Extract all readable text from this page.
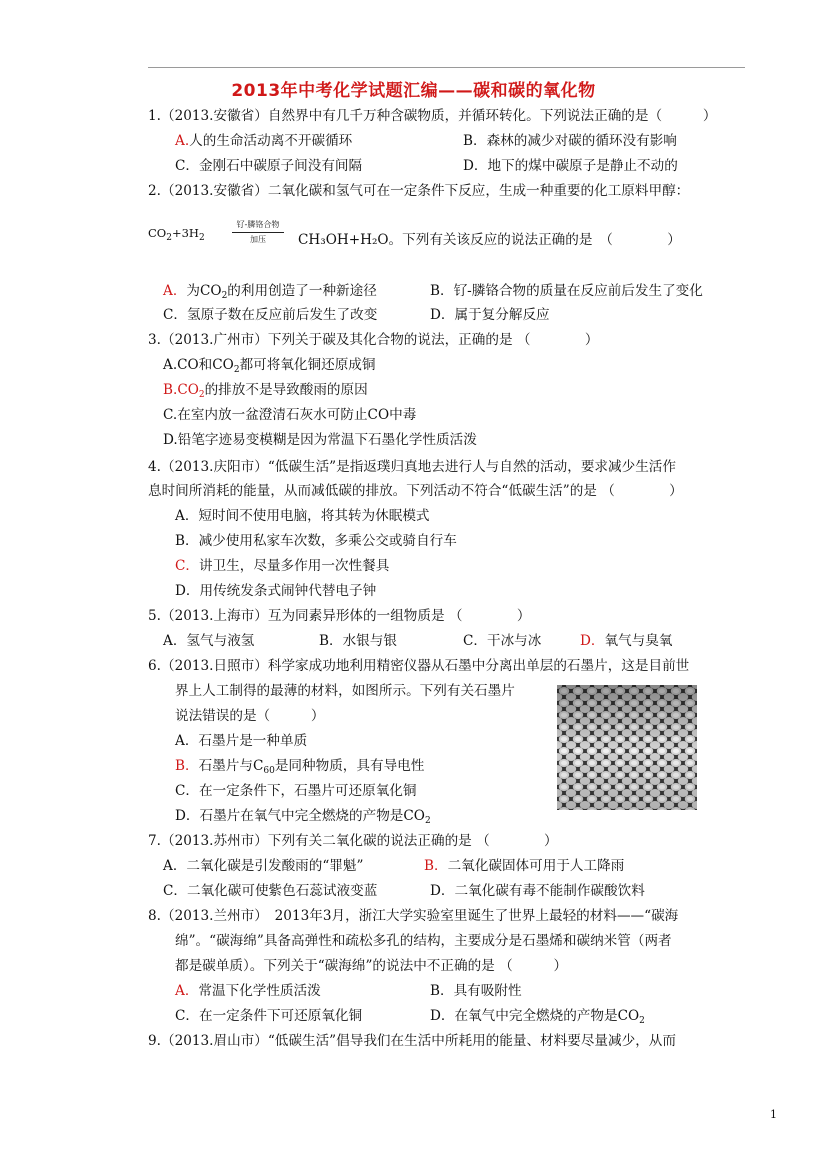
2013年中考化学试题汇编——碳和碳的氧化物
1.（2013.安徽省）自然界中有几千万种含碳物质，并循环转化。下列说法正确的是（　　　）
A.人的生命活动离不开碳循环	B．森林的减少对碳的循环没有影响
C．金刚石中碳原子间没有间隔	D．地下的煤中碳原子是静止不动的
2.（2013.安徽省）二氧化碳和氢气可在一定条件下反应，生成一种重要的化工原料甲醇：
$CO_2+3H_2$
钌-膦铬合物
加压	CH₃OH+H₂O。下列有关该反应的说法正确的是　（　　　　）
A．为$CO_2$的利用创造了一种新途径	B．钌-膦铬合物的质量在反应前后发生了变化
C．氢原子数在反应前后发生了改变	D．属于复分解反应
3.（2013.广州市）下列关于碳及其化合物的说法，正确的是 （　　　　）
A.CO和$CO_2$都可将氧化铜还原成铜
$B.CO_2$的排放不是导致酸雨的原因
C.在室内放一盆澄清石灰水可防止CO中毒
D.铅笔字迹易变模糊是因为常温下石墨化学性质活泼
4.（2013.庆阳市）“低碳生活”是指返璞归真地去进行人与自然的活动，要求减少生活作
息时间所消耗的能量，从而减低碳的排放。下列活动不符合“低碳生活”的是 （　　　　）
A．短时间不使用电脑，将其转为休眠模式
B．减少使用私家车次数，多乘公交或骑自行车
C．讲卫生，尽量多作用一次性餐具
D．用传统发条式闹钟代替电子钟
5.（2013.上海市）互为同素异形体的一组物质是 （　　　　）
A．氢气与液氢	B．水银与银	C．干冰与冰	D．氧气与臭氧
6.（2013.日照市）科学家成功地利用精密仪器从石墨中分离出单层的石墨片，这是目前世
界上人工制得的最薄的材料，如图所示。下列有关石墨片
说法错误的是（　　　）
A．石墨片是一种单质
B．石墨片与$C_{60}$是同种物质，具有导电性
C．在一定条件下，石墨片可还原氧化铜
D．石墨片在氧气中完全燃烧的产物是$CO_2$
7.（2013.苏州市）下列有关二氧化碳的说法正确的是 （　　　　）
A．二氧化碳是引发酸雨的“罪魁”	B．二氧化碳固体可用于人工降雨
C．二氧化碳可使紫色石蕊试液变蓝	D．二氧化碳有毒不能制作碳酸饮料
8.（2013.兰州市）　2013年3月，浙江大学实验室里诞生了世界上最轻的材料——“碳海
绵”。“碳海绵”具备高弹性和疏松多孔的结构，主要成分是石墨烯和碳纳米管（两者
都是碳单质）。下列关于“碳海绵”的说法中不正确的是 （　　　）
A．常温下化学性质活泼	B．具有吸附性
C．在一定条件下可还原氧化铜	D．在氧气中完全燃烧的产物是$CO_2$
9.（2013.眉山市）“低碳生活”倡导我们在生活中所耗用的能量、材料要尽量减少，从而
1
